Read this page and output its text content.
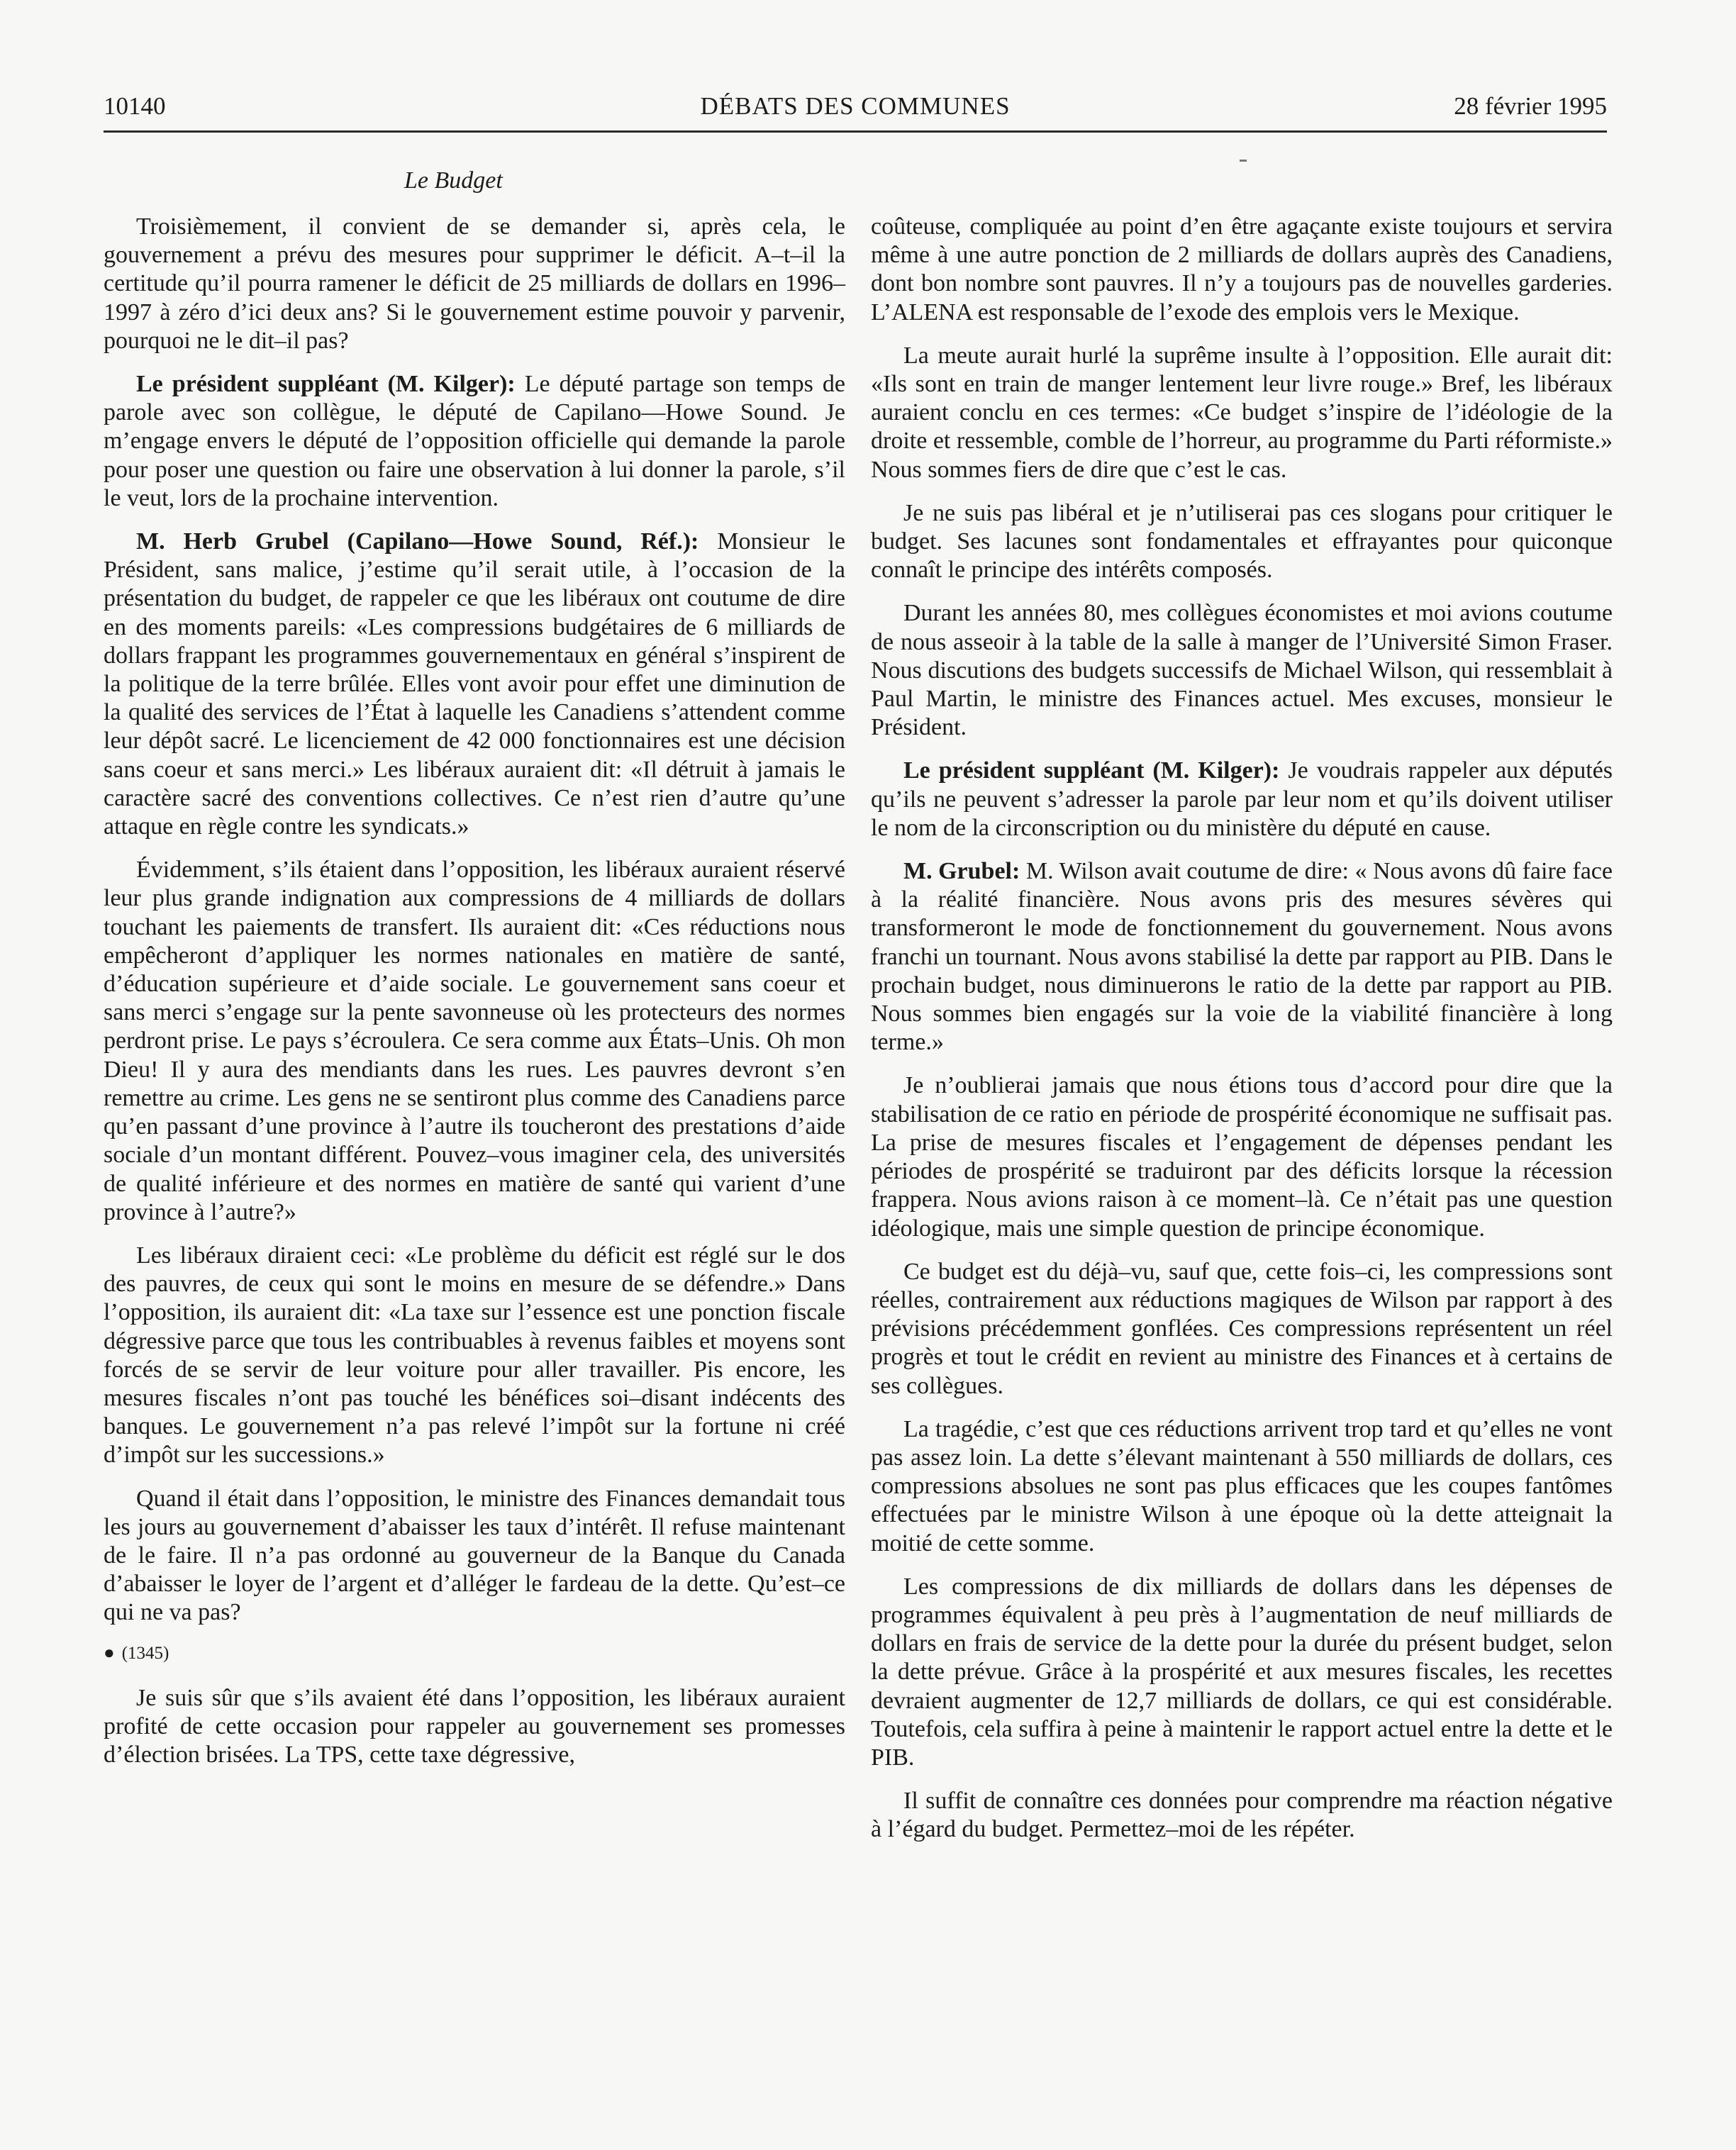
10140	DÉBATS DES COMMUNES	28 février 1995
Le Budget

Troisièmement, il convient de se demander si, après cela, le gouvernement a prévu des mesures pour supprimer le déficit. A–t–il la certitude qu’il pourra ramener le déficit de 25 milliards de dollars en 1996–1997 à zéro d’ici deux ans? Si le gouvernement estime pouvoir y parvenir, pourquoi ne le dit–il pas?

Le président suppléant (M. Kilger): Le député partage son temps de parole avec son collègue, le député de Capilano—Howe Sound. Je m’engage envers le député de l’opposition officielle qui demande la parole pour poser une question ou faire une observation à lui donner la parole, s’il le veut, lors de la prochaine intervention.

M. Herb Grubel (Capilano—Howe Sound, Réf.): Monsieur le Président, sans malice, j’estime qu’il serait utile, à l’occasion de la présentation du budget, de rappeler ce que les libéraux ont coutume de dire en des moments pareils: «Les compressions budgétaires de 6 milliards de dollars frappant les programmes gouvernementaux en général s’inspirent de la politique de la terre brûlée. Elles vont avoir pour effet une diminution de la qualité des services de l’État à laquelle les Canadiens s’attendent comme leur dépôt sacré. Le licenciement de 42 000 fonctionnaires est une décision sans coeur et sans merci.» Les libéraux auraient dit: «Il détruit à jamais le caractère sacré des conventions collectives. Ce n’est rien d’autre qu’une attaque en règle contre les syndicats.»

Évidemment, s’ils étaient dans l’opposition, les libéraux auraient réservé leur plus grande indignation aux compressions de 4 milliards de dollars touchant les paiements de transfert. Ils auraient dit: «Ces réductions nous empêcheront d’appliquer les normes nationales en matière de santé, d’éducation supérieure et d’aide sociale. Le gouvernement sans coeur et sans merci s’engage sur la pente savonneuse où les protecteurs des normes perdront prise. Le pays s’écroulera. Ce sera comme aux États–Unis. Oh mon Dieu! Il y aura des mendiants dans les rues. Les pauvres devront s’en remettre au crime. Les gens ne se sentiront plus comme des Canadiens parce qu’en passant d’une province à l’autre ils toucheront des prestations d’aide sociale d’un montant différent. Pouvez–vous imaginer cela, des universités de qualité inférieure et des normes en matière de santé qui varient d’une province à l’autre?»

Les libéraux diraient ceci: «Le problème du déficit est réglé sur le dos des pauvres, de ceux qui sont le moins en mesure de se défendre.» Dans l’opposition, ils auraient dit: «La taxe sur l’essence est une ponction fiscale dégressive parce que tous les contribuables à revenus faibles et moyens sont forcés de se servir de leur voiture pour aller travailler. Pis encore, les mesures fiscales n’ont pas touché les bénéfices soi–disant indécents des banques. Le gouvernement n’a pas relevé l’impôt sur la fortune ni créé d’impôt sur les successions.»

Quand il était dans l’opposition, le ministre des Finances demandait tous les jours au gouvernement d’abaisser les taux d’intérêt. Il refuse maintenant de le faire. Il n’a pas ordonné au gouverneur de la Banque du Canada d’abaisser le loyer de l’argent et d’alléger le fardeau de la dette. Qu’est–ce qui ne va pas?

● (1345)

Je suis sûr que s’ils avaient été dans l’opposition, les libéraux auraient profité de cette occasion pour rappeler au gouvernement ses promesses d’élection brisées. La TPS, cette taxe dégressive,

coûteuse, compliquée au point d’en être agaçante existe toujours et servira même à une autre ponction de 2 milliards de dollars auprès des Canadiens, dont bon nombre sont pauvres. Il n’y a toujours pas de nouvelles garderies. L’ALENA est responsable de l’exode des emplois vers le Mexique.

La meute aurait hurlé la suprême insulte à l’opposition. Elle aurait dit: «Ils sont en train de manger lentement leur livre rouge.» Bref, les libéraux auraient conclu en ces termes: «Ce budget s’inspire de l’idéologie de la droite et ressemble, comble de l’horreur, au programme du Parti réformiste.» Nous sommes fiers de dire que c’est le cas.

Je ne suis pas libéral et je n’utiliserai pas ces slogans pour critiquer le budget. Ses lacunes sont fondamentales et effrayantes pour quiconque connaît le principe des intérêts composés.

Durant les années 80, mes collègues économistes et moi avions coutume de nous asseoir à la table de la salle à manger de l’Université Simon Fraser. Nous discutions des budgets successifs de Michael Wilson, qui ressemblait à Paul Martin, le ministre des Finances actuel. Mes excuses, monsieur le Président.

Le président suppléant (M. Kilger): Je voudrais rappeler aux députés qu’ils ne peuvent s’adresser la parole par leur nom et qu’ils doivent utiliser le nom de la circonscription ou du ministère du député en cause.

M. Grubel: M. Wilson avait coutume de dire: « Nous avons dû faire face à la réalité financière. Nous avons pris des mesures sévères qui transformeront le mode de fonctionnement du gouvernement. Nous avons franchi un tournant. Nous avons stabilisé la dette par rapport au PIB. Dans le prochain budget, nous diminuerons le ratio de la dette par rapport au PIB. Nous sommes bien engagés sur la voie de la viabilité financière à long terme.»

Je n’oublierai jamais que nous étions tous d’accord pour dire que la stabilisation de ce ratio en période de prospérité économique ne suffisait pas. La prise de mesures fiscales et l’engagement de dépenses pendant les périodes de prospérité se traduiront par des déficits lorsque la récession frappera. Nous avions raison à ce moment–là. Ce n’était pas une question idéologique, mais une simple question de principe économique.

Ce budget est du déjà–vu, sauf que, cette fois–ci, les compressions sont réelles, contrairement aux réductions magiques de Wilson par rapport à des prévisions précédemment gonflées. Ces compressions représentent un réel progrès et tout le crédit en revient au ministre des Finances et à certains de ses collègues.

La tragédie, c’est que ces réductions arrivent trop tard et qu’elles ne vont pas assez loin. La dette s’élevant maintenant à 550 milliards de dollars, ces compressions absolues ne sont pas plus efficaces que les coupes fantômes effectuées par le ministre Wilson à une époque où la dette atteignait la moitié de cette somme.

Les compressions de dix milliards de dollars dans les dépenses de programmes équivalent à peu près à l’augmentation de neuf milliards de dollars en frais de service de la dette pour la durée du présent budget, selon la dette prévue. Grâce à la prospérité et aux mesures fiscales, les recettes devraient augmenter de 12,7 milliards de dollars, ce qui est considérable. Toutefois, cela suffira à peine à maintenir le rapport actuel entre la dette et le PIB.

Il suffit de connaître ces données pour comprendre ma réaction négative à l’égard du budget. Permettez–moi de les répéter.
